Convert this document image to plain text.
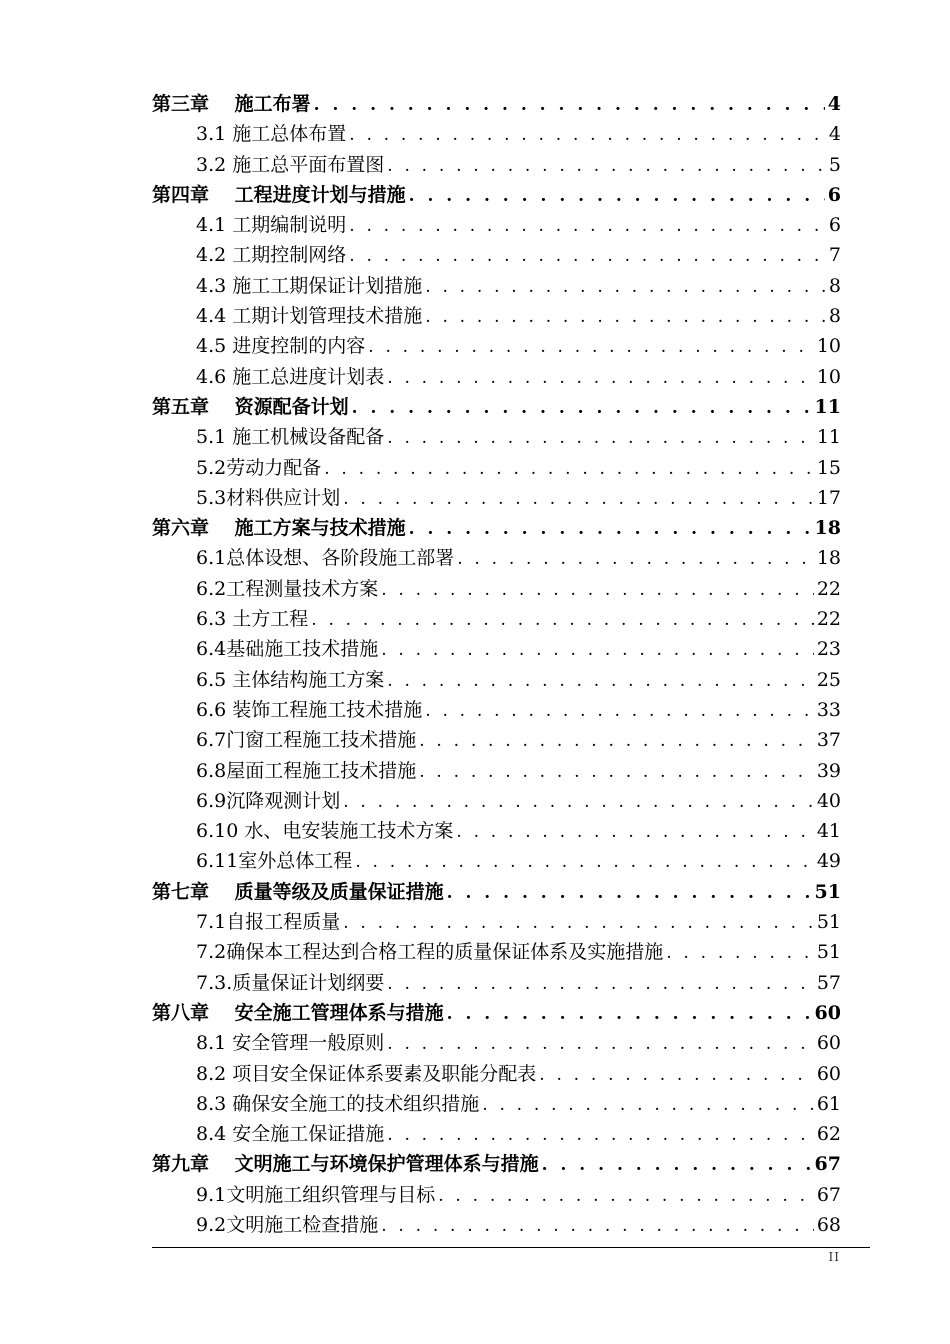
第三章　 施工布署 . . .	4
3.1 施工总体布置 . . .	4
3.2 施工总平面布置图 . . .	5
第四章　 工程进度计划与措施 . . .	6
4.1 工期编制说明 . . .	6
4.2 工期控制网络 . . .	7
4.3 施工工期保证计划措施 . . .	8
4.4 工期计划管理技术措施 . . .	8
4.5 进度控制的内容 . . .	10
4.6 施工总进度计划表 . . .	10
第五章　 资源配备计划 . . .	11
5.1 施工机械设备配备 . . .	11
5.2劳动力配备 . . .	15
5.3材料供应计划 . . .	17
第六章　 施工方案与技术措施 . . .	18
6.1总体设想、各阶段施工部署 . . .	18
6.2工程测量技术方案 . . .	22
6.3 土方工程 . . .	22
6.4基础施工技术措施 . . .	23
6.5 主体结构施工方案 . . .	25
6.6 装饰工程施工技术措施 . . .	33
6.7门窗工程施工技术措施 . . .	37
6.8屋面工程施工技术措施 . . .	39
6.9沉降观测计划 . . .	40
6.10 水、电安装施工技术方案 . . .	41
6.11室外总体工程 . . .	49
第七章　 质量等级及质量保证措施 . . .	51
7.1自报工程质量 . . .	51
7.2确保本工程达到合格工程的质量保证体系及实施措施 . . .	51
7.3.质量保证计划纲要 . . .	57
第八章　 安全施工管理体系与措施 . . .	60
8.1 安全管理一般原则 . . .	60
8.2 项目安全保证体系要素及职能分配表 . . .	60
8.3 确保安全施工的技术组织措施 . . .	61
8.4 安全施工保证措施 . . .	62
第九章　 文明施工与环境保护管理体系与措施 . . .	67
9.1文明施工组织管理与目标 . . .	67
9.2文明施工检查措施 . . .	68
II
